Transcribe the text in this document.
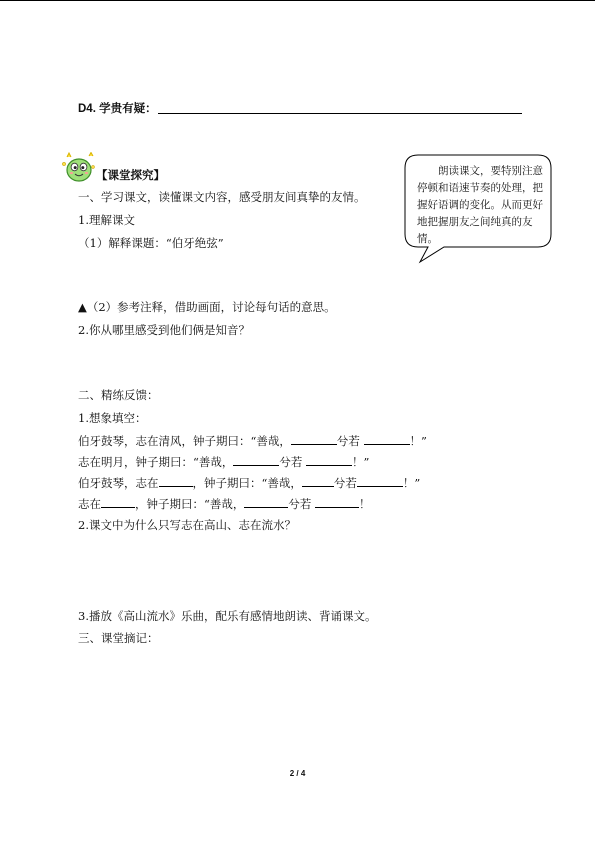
D4. 学贵有疑：
【课堂探究】	朗读课文，要特别注意停顿和语速节奏的处理，把握好语调的变化。从而更好地把握朋友之间纯真的友情。
一、学习课文，读懂课文内容，感受朋友间真挚的友情。
1.理解课文
（1）解释课题：“伯牙绝弦”
▲（2）参考注释，借助画面，讨论每句话的意思。
2.你从哪里感受到他们俩是知音？
二、精练反馈：
1.想象填空：
伯牙鼓琴，志在清风，钟子期曰：“善哉，	兮若	！”
志在明月，钟子期曰：“善哉，	兮若	！”
伯牙鼓琴，志在	，钟子期曰：“善哉，	兮若	！”
志在	，钟子期曰：“善哉，	兮若	！
2.课文中为什么只写志在高山、志在流水？
3.播放《高山流水》乐曲，配乐有感情地朗读、背诵课文。
三、课堂摘记：
2 / 4
